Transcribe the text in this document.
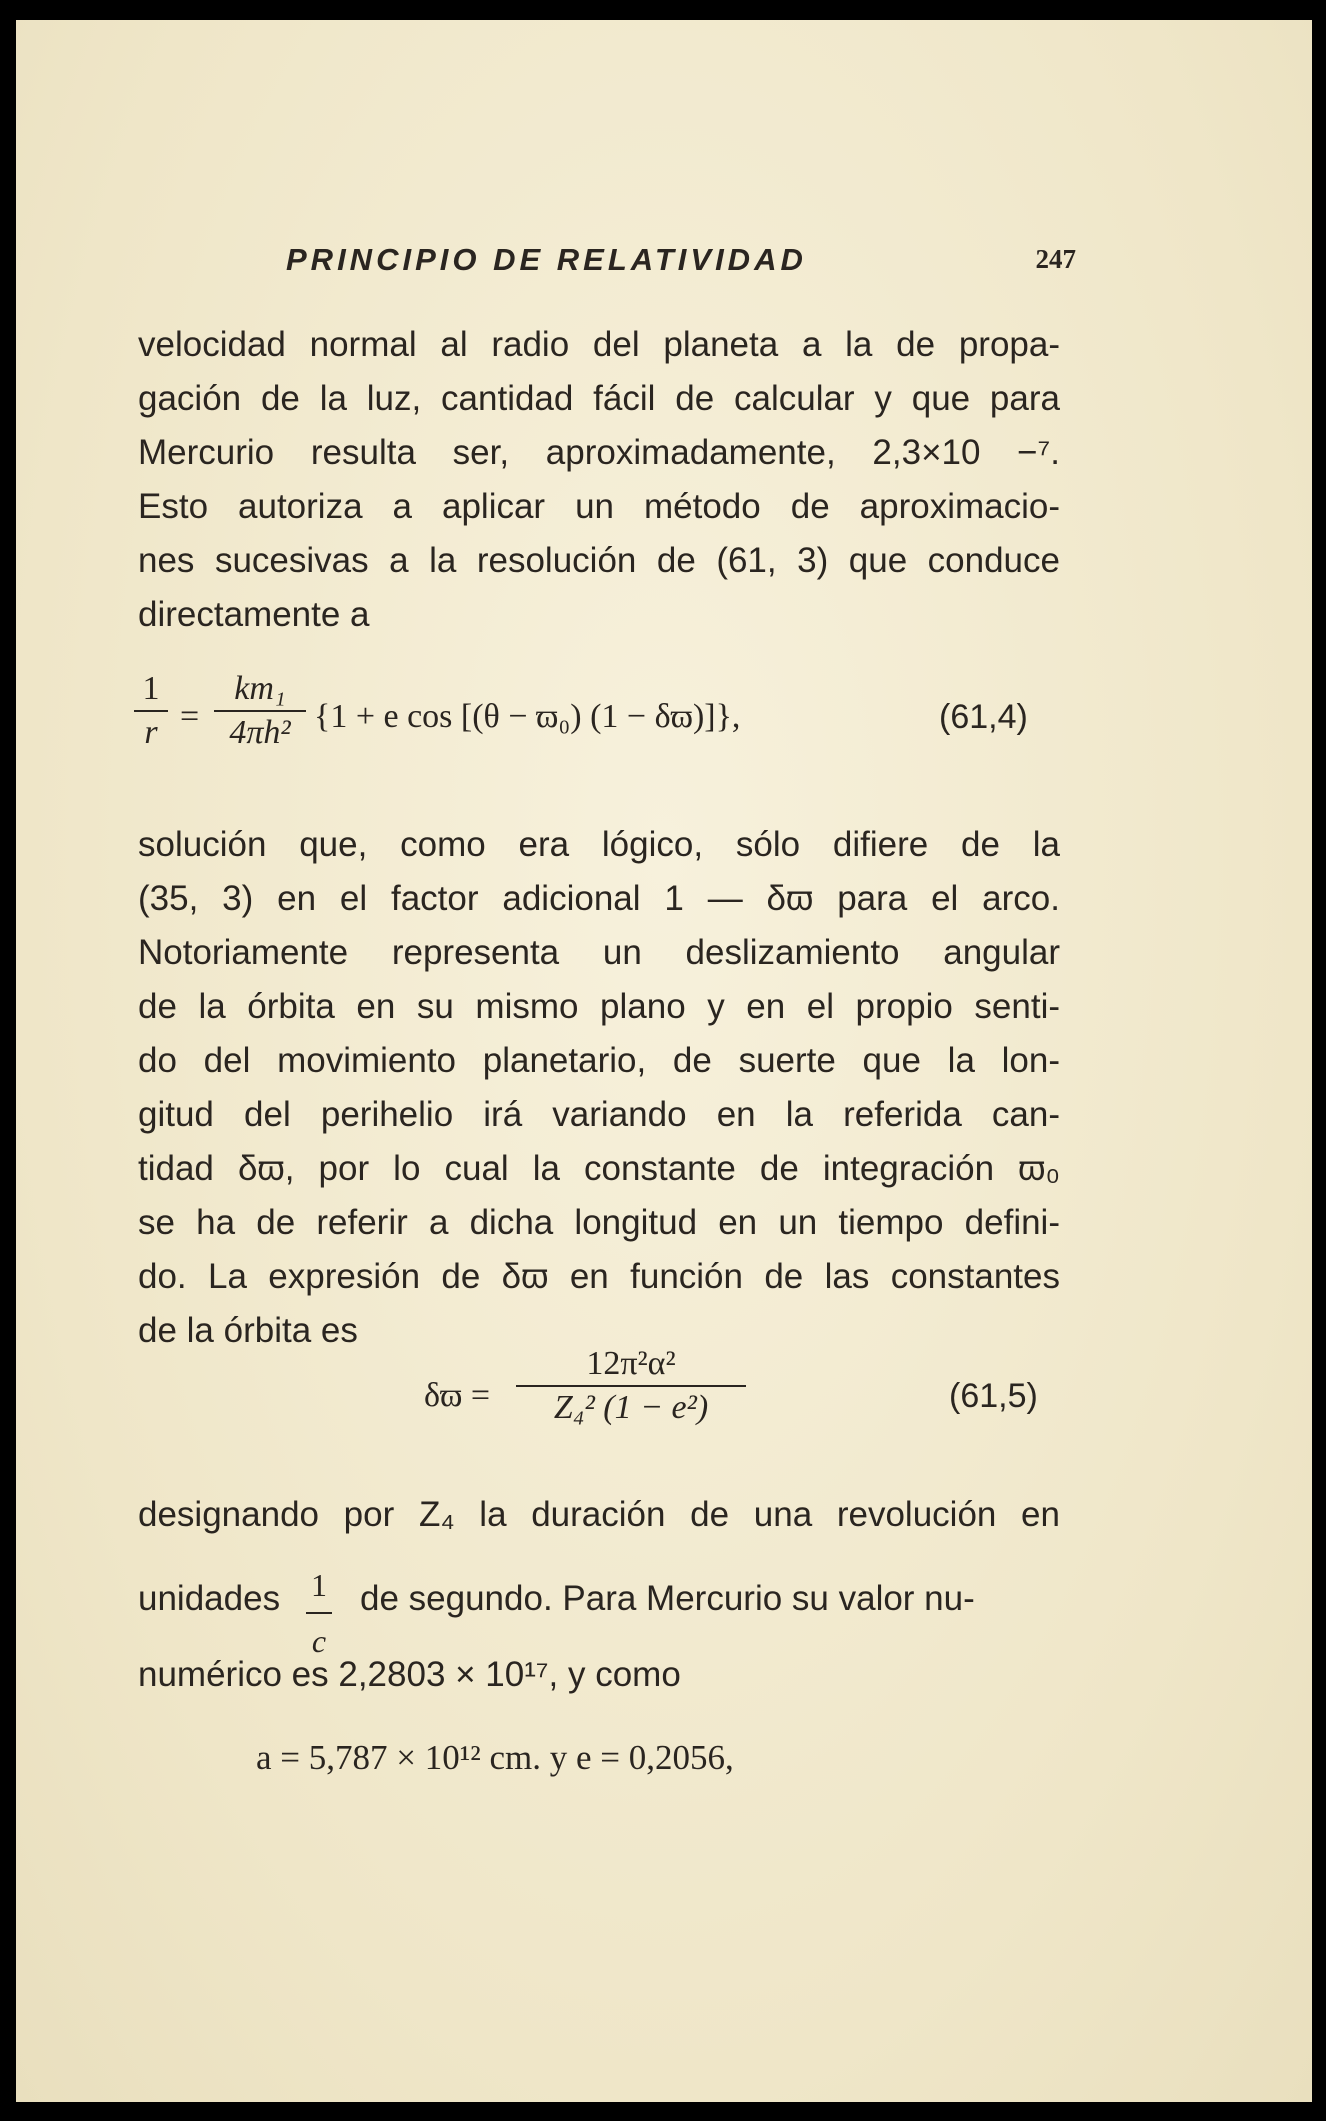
PRINCIPIO DE RELATIVIDAD	247
velocidad normal al radio del planeta a la de propa-
gación de la luz, cantidad fácil de calcular y que para
Mercurio resulta ser, aproximadamente, 2,3×10 −⁷.
Esto autoriza a aplicar un método de aproximacio-
nes sucesivas a la resolución de (61, 3) que conduce
directamente a
1
r =
km₁
4πh² {1 + e cos [(θ − ϖ₀) (1 − δϖ)]},	(61,4)
solución que, como era lógico, sólo difiere de la
(35, 3) en el factor adicional 1 — δϖ para el arco.
Notoriamente representa un deslizamiento angular
de la órbita en su mismo plano y en el propio senti-
do del movimiento planetario, de suerte que la lon-
gitud del perihelio irá variando en la referida can-
tidad δϖ, por lo cual la constante de integración ϖ₀
se ha de referir a dicha longitud en un tiempo defini-
do. La expresión de δϖ en función de las constantes
de la órbita es
δϖ =
12π²α²
Z₄² (1 − e²)	(61,5)
designando por Z₄ la duración de una revolución en
unidades 1
c
de segundo. Para Mercurio su valor nu-
numérico es 2,2803 × 10¹⁷, y como
a = 5,787 × 10¹² cm. y e = 0,2056,
